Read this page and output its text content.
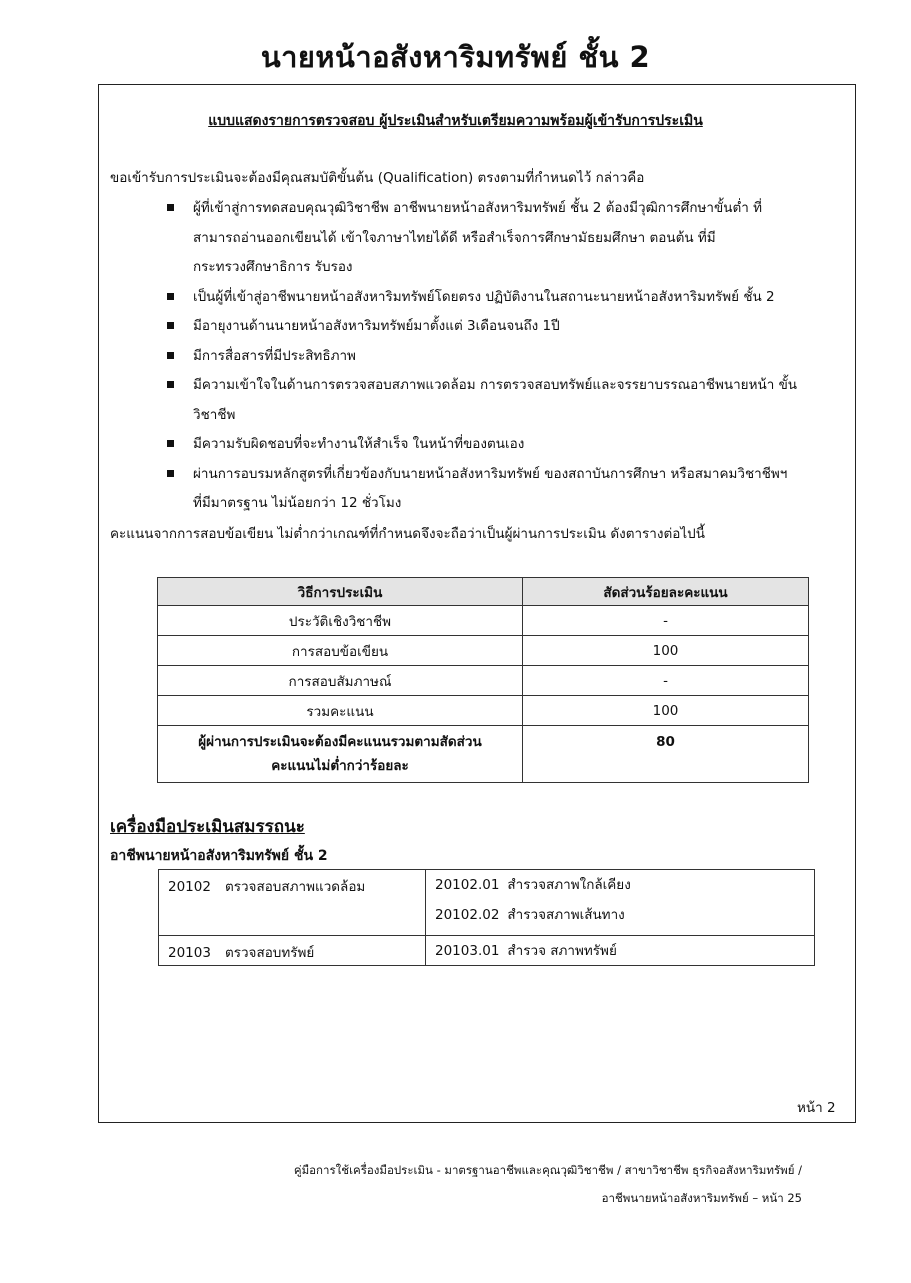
นายหน้าอสังหาริมทรัพย์ ชั้น 2

แบบแสดงรายการตรวจสอบ ผู้ประเมินสำหรับเตรียมความพร้อมผู้เข้ารับการประเมิน

ขอเข้ารับการประเมินจะต้องมีคุณสมบัติขั้นต้น (Qualification) ตรงตามที่กำหนดไว้ กล่าวคือ

ผู้ที่เข้าสู่การทดสอบคุณวุฒิวิชาชีพ อาชีพนายหน้าอสังหาริมทรัพย์ ชั้น 2 ต้องมีวุฒิการศึกษาขั้นต่ำ ที่
สามารถอ่านออกเขียนได้ เข้าใจภาษาไทยได้ดี หรือสำเร็จการศึกษามัธยมศึกษา ตอนต้น ที่มี
กระทรวงศึกษาธิการ รับรอง
เป็นผู้ที่เข้าสู่อาชีพนายหน้าอสังหาริมทรัพย์โดยตรง ปฏิบัติงานในสถานะนายหน้าอสังหาริมทรัพย์ ชั้น 2
มีอายุงานด้านนายหน้าอสังหาริมทรัพย์มาตั้งแต่ 3เดือนจนถึง 1ปี
มีการสื่อสารที่มีประสิทธิภาพ
มีความเข้าใจในด้านการตรวจสอบสภาพแวดล้อม การตรวจสอบทรัพย์และจรรยาบรรณอาชีพนายหน้า ขั้น
วิชาชีพ
มีความรับผิดชอบที่จะทำงานให้สำเร็จ ในหน้าที่ของตนเอง
ผ่านการอบรมหลักสูตรที่เกี่ยวข้องกับนายหน้าอสังหาริมทรัพย์ ของสถาบันการศึกษา หรือสมาคมวิชาชีพฯ
ที่มีมาตรฐาน ไม่น้อยกว่า 12 ชั่วโมง

คะแนนจากการสอบข้อเขียน ไม่ต่ำกว่าเกณฑ์ที่กำหนดจึงจะถือว่าเป็นผู้ผ่านการประเมิน ดังตารางต่อไปนี้

วิธีการประเมิน	สัดส่วนร้อยละคะแนน
ประวัติเชิงวิชาชีพ	-
การสอบข้อเขียน	100
การสอบสัมภาษณ์	-
รวมคะแนน	100

ผู้ผ่านการประเมินจะต้องมีคะแนนรวมตามสัดส่วน
คะแนนไม่ต่ำกว่าร้อยละ	80

เครื่องมือประเมินสมรรถนะ

อาชีพนายหน้าอสังหาริมทรัพย์ ชั้น 2

20102 ตรวจสอบสภาพแวดล้อม	20102.01 สำรวจสภาพใกล้เคียง
20102.02 สำรวจสภาพเส้นทาง

20103 ตรวจสอบทรัพย์	20103.01 สำรวจ สภาพทรัพย์

หน้า 2

คู่มือการใช้เครื่องมือประเมิน - มาตรฐานอาชีพและคุณวุฒิวิชาชีพ / สาขาวิชาชีพ ธุรกิจอสังหาริมทรัพย์ /

อาชีพนายหน้าอสังหาริมทรัพย์ – หน้า 25
